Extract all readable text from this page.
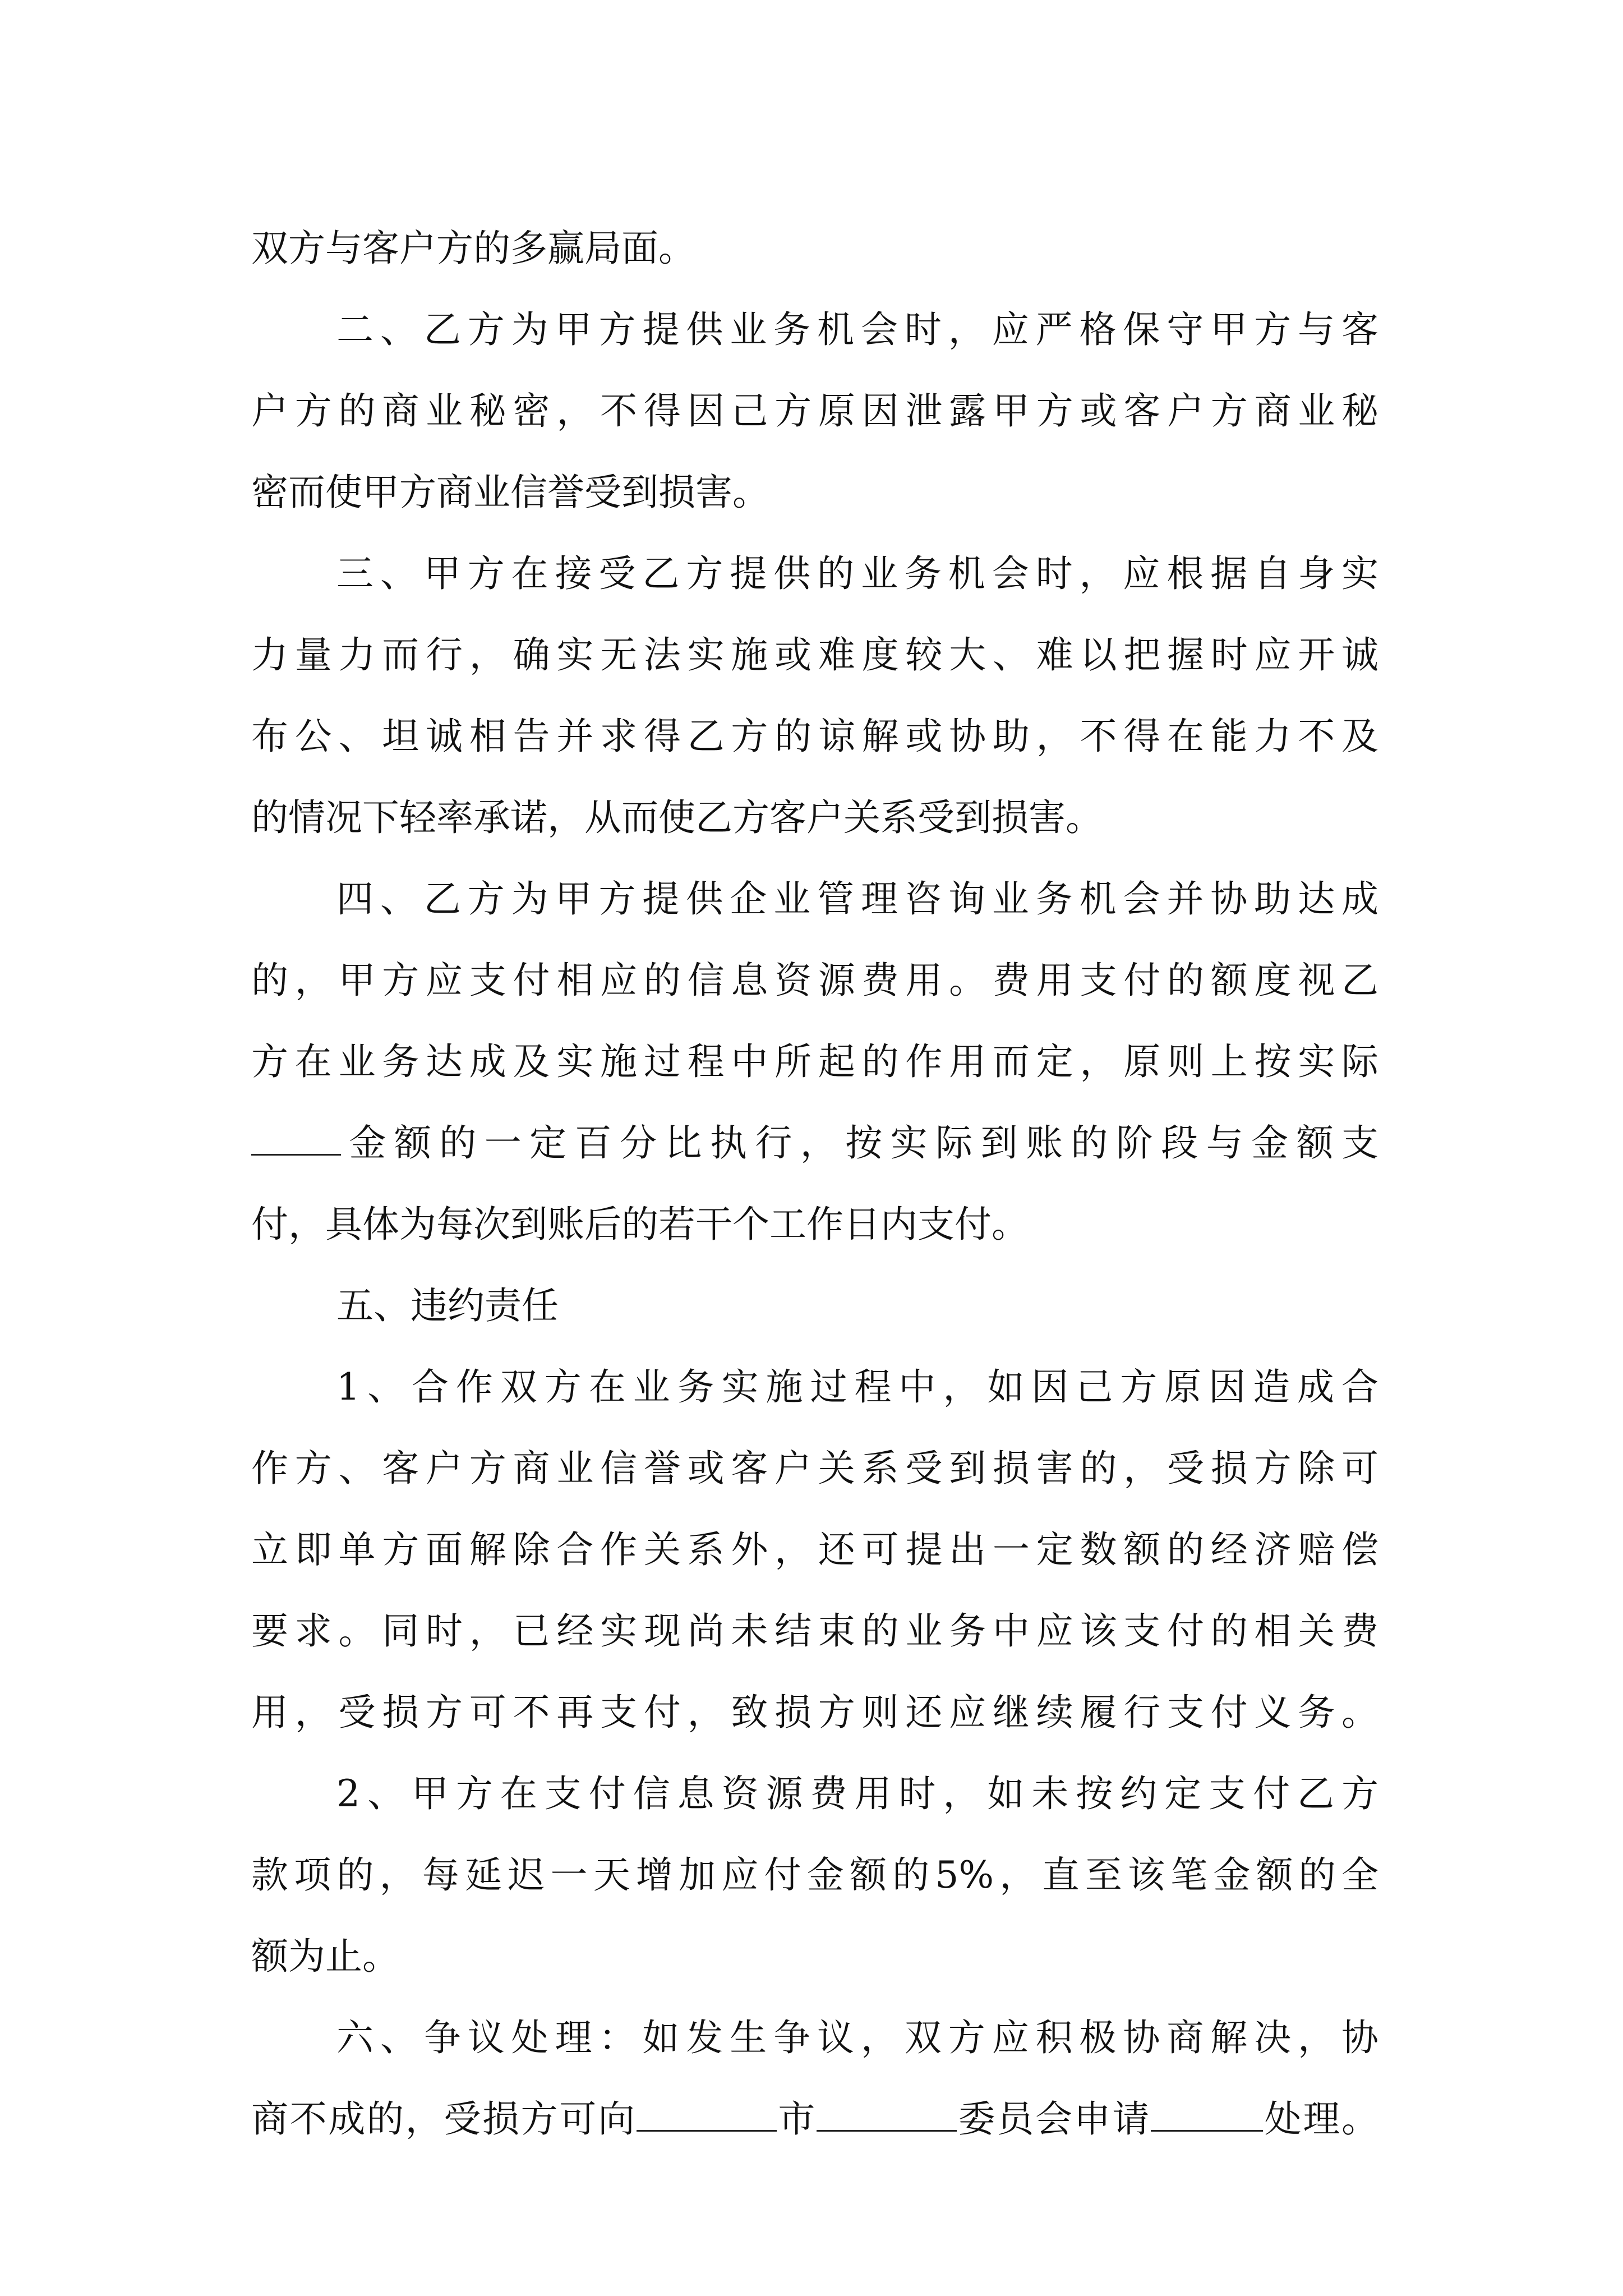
双方与客户方的多赢局面。
二、乙方为甲方提供业务机会时，应严格保守甲方与客
户方的商业秘密，不得因己方原因泄露甲方或客户方商业秘
密而使甲方商业信誉受到损害。
三、甲方在接受乙方提供的业务机会时，应根据自身实
力量力而行，确实无法实施或难度较大、难以把握时应开诚
布公、坦诚相告并求得乙方的谅解或协助，不得在能力不及
的情况下轻率承诺，从而使乙方客户关系受到损害。
四、乙方为甲方提供企业管理咨询业务机会并协助达成
的，甲方应支付相应的信息资源费用。费用支付的额度视乙
方在业务达成及实施过程中所起的作用而定，原则上按实际
金额的一定百分比执行，按实际到账的阶段与金额支
付，具体为每次到账后的若干个工作日内支付。
五、违约责任
1、合作双方在业务实施过程中，如因己方原因造成合
作方、客户方商业信誉或客户关系受到损害的，受损方除可
立即单方面解除合作关系外，还可提出一定数额的经济赔偿
要求。同时，已经实现尚未结束的业务中应该支付的相关费
用，受损方可不再支付，致损方则还应继续履行支付义务。
2、甲方在支付信息资源费用时，如未按约定支付乙方
款项的，每延迟一天增加应付金额的5%，直至该笔金额的全
额为止。
六、争议处理：如发生争议，双方应积极协商解决，协
商不成的，受损方可向	市	委员会申请	处理。
